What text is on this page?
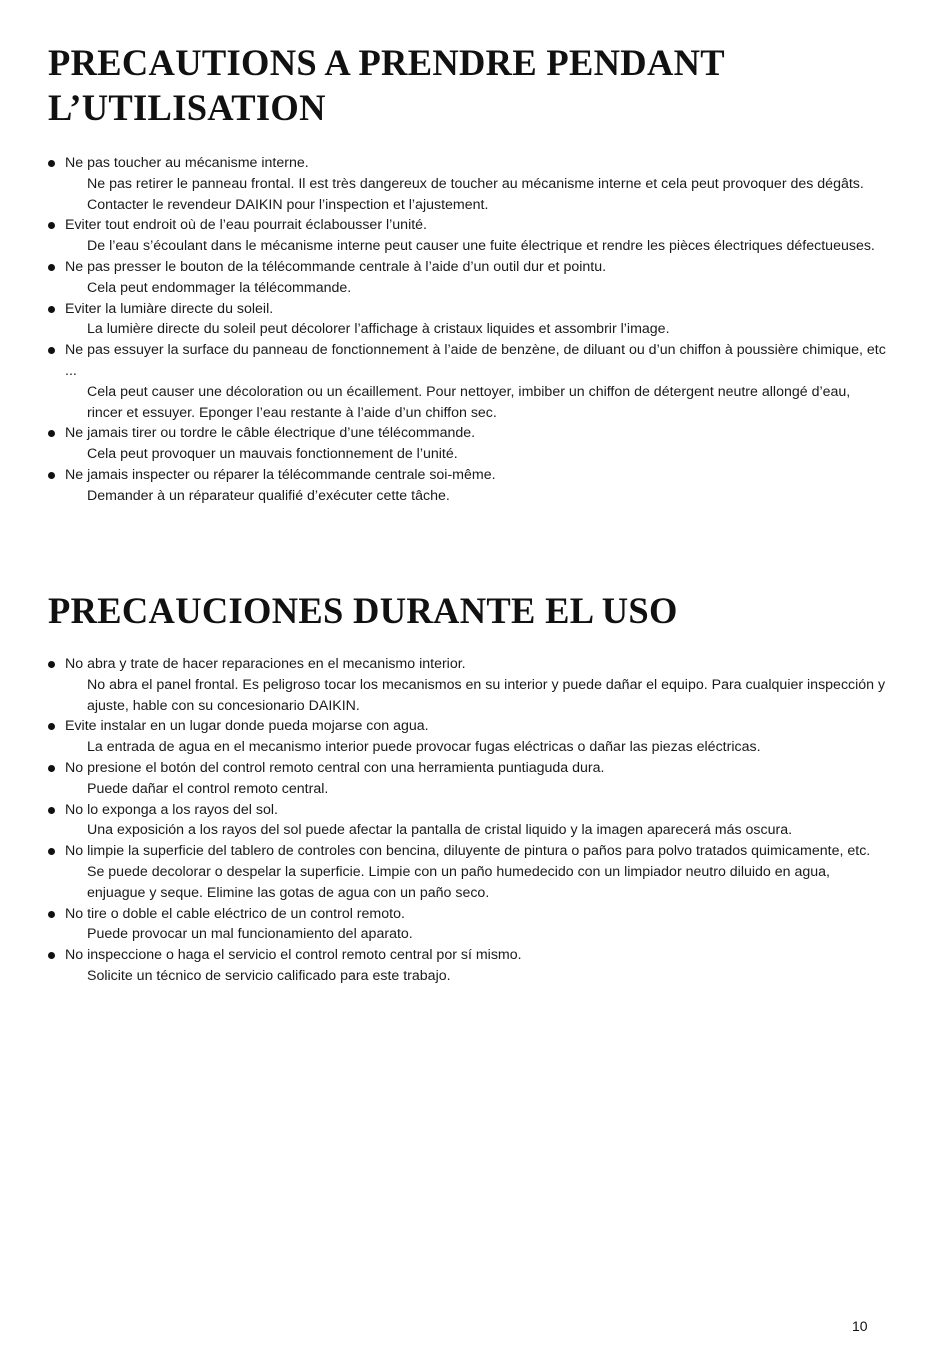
PRECAUTIONS A PRENDRE PENDANT
L’UTILISATION
Ne pas toucher au mécanisme interne.
Ne pas retirer le panneau frontal. Il est très dangereux de toucher au mécanisme interne et cela peut provoquer des dégâts. Contacter le revendeur DAIKIN pour l’inspection et l’ajustement.
Eviter tout endroit où de l’eau pourrait éclabousser l’unité.
De l’eau s’écoulant dans le mécanisme interne peut causer une fuite électrique et rendre les pièces électriques défectueuses.
Ne pas presser le bouton de la télécommande centrale à l’aide d’un outil dur et pointu.
Cela peut endommager la télécommande.
Eviter la lumiàre directe du soleil.
La lumière directe du soleil peut décolorer l’affichage à cristaux liquides et assombrir l’image.
Ne pas essuyer la surface du panneau de fonctionnement à l’aide de benzène, de diluant ou d’un chiffon à poussière chimique, etc ...
Cela peut causer une décoloration ou un écaillement. Pour nettoyer, imbiber un chiffon de détergent neutre allongé d’eau, rincer et essuyer. Eponger l’eau restante à l’aide d’un chiffon sec.
Ne jamais tirer ou tordre le câble électrique d’une télécommande.
Cela peut provoquer un mauvais fonctionnement de l’unité.
Ne jamais inspecter ou réparer la télécommande centrale soi-même.
Demander à un réparateur qualifié d’exécuter cette tâche.
PRECAUCIONES DURANTE EL USO
No abra y trate de hacer reparaciones en el mecanismo interior.
No abra el panel frontal. Es peligroso tocar los mecanismos en su interior y puede dañar el equipo. Para cualquier inspección y ajuste, hable con su concesionario DAIKIN.
Evite instalar en un lugar donde pueda mojarse con agua.
La entrada de agua en el mecanismo interior puede provocar fugas eléctricas o dañar las piezas eléctricas.
No presione el botón del control remoto central con una herramienta puntiaguda dura.
Puede dañar el control remoto central.
No lo exponga a los rayos del sol.
Una exposición a los rayos del sol puede afectar la pantalla de cristal liquido y la imagen aparecerá más oscura.
No limpie la superficie del tablero de controles con bencina, diluyente de pintura o paños para polvo tratados quimicamente, etc.
Se puede decolorar o despelar la superficie. Limpie con un paño humedecido con un limpiador neutro diluido en agua, enjuague y seque. Elimine las gotas de agua con un paño seco.
No tire o doble el cable eléctrico de un control remoto.
Puede provocar un mal funcionamiento del aparato.
No inspeccione o haga el servicio el control remoto central por sí mismo.
Solicite un técnico de servicio calificado para este trabajo.
10
